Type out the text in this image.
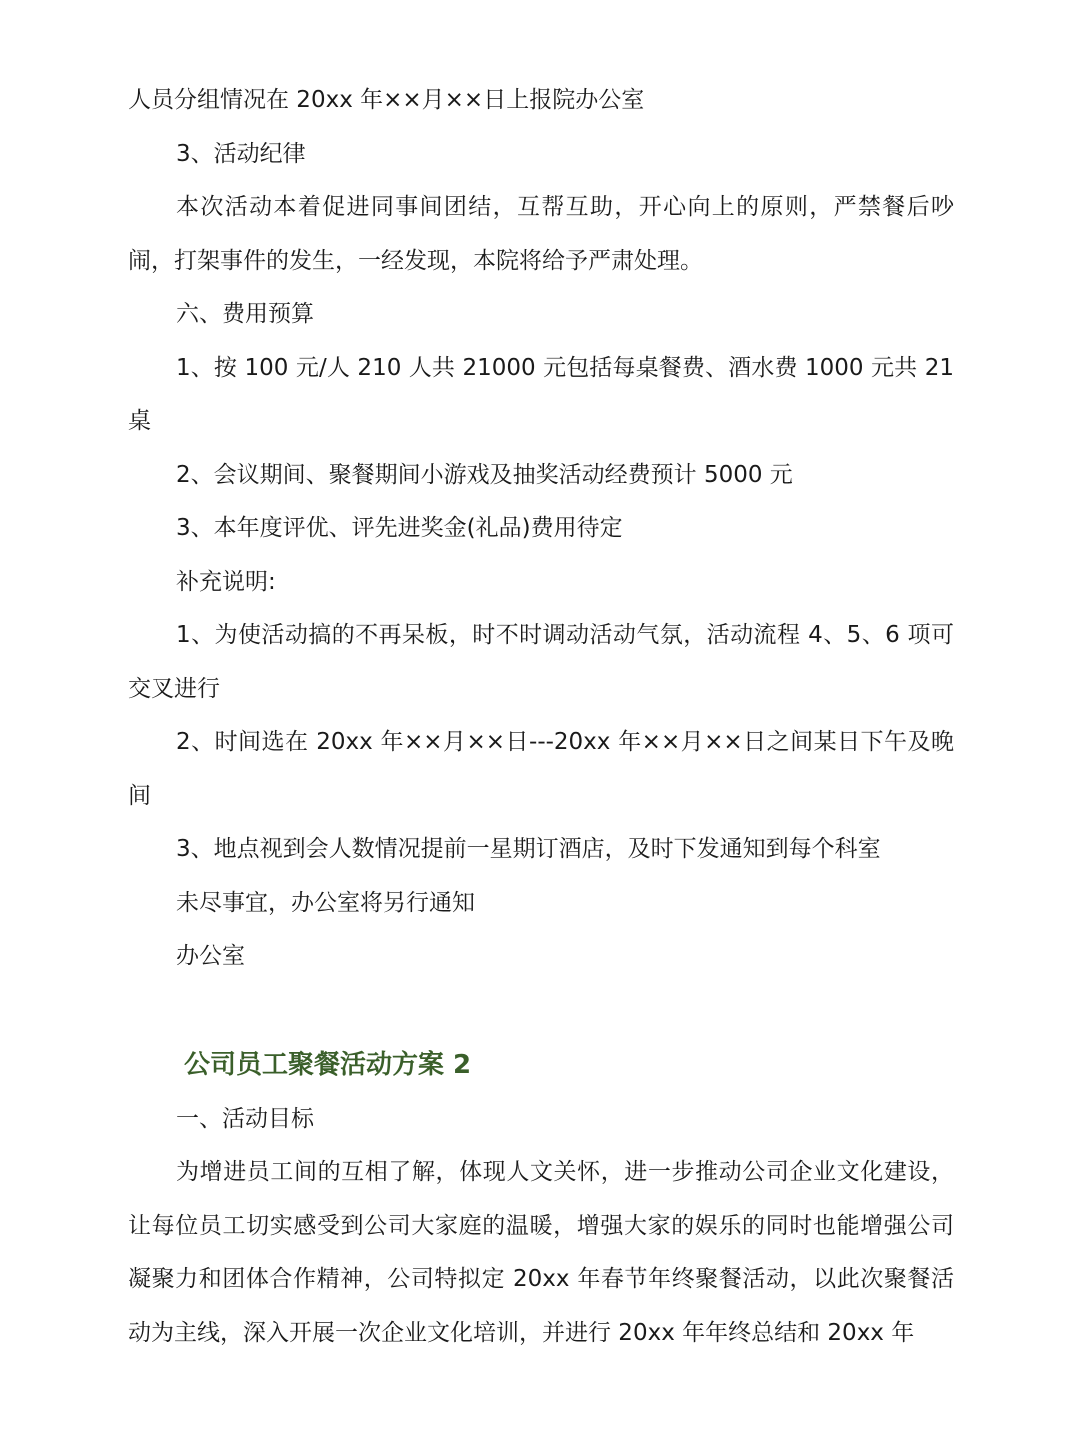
人员分组情况在 20xx 年××月××日上报院办公室

3、活动纪律

本次活动本着促进同事间团结，互帮互助，开心向上的原则，严禁餐后吵闹，打架事件的发生，一经发现，本院将给予严肃处理。

六、费用预算

1、按 100 元/人 210 人共 21000 元包括每桌餐费、酒水费 1000 元共 21 桌

2、会议期间、聚餐期间小游戏及抽奖活动经费预计 5000 元

3、本年度评优、评先进奖金(礼品)费用待定

补充说明:

1、为使活动搞的不再呆板，时不时调动活动气氛，活动流程 4、5、6 项可交叉进行

2、时间选在 20xx 年××月××日---20xx 年××月××日之间某日下午及晚间

3、地点视到会人数情况提前一星期订酒店，及时下发通知到每个科室

未尽事宜，办公室将另行通知

办公室

公司员工聚餐活动方案 2

一、活动目标

为增进员工间的互相了解，体现人文关怀，进一步推动公司企业文化建设，让每位员工切实感受到公司大家庭的温暖，增强大家的娱乐的同时也能增强公司凝聚力和团体合作精神，公司特拟定 20xx 年春节年终聚餐活动，以此次聚餐活动为主线，深入开展一次企业文化培训，并进行 20xx 年年终总结和 20xx 年
